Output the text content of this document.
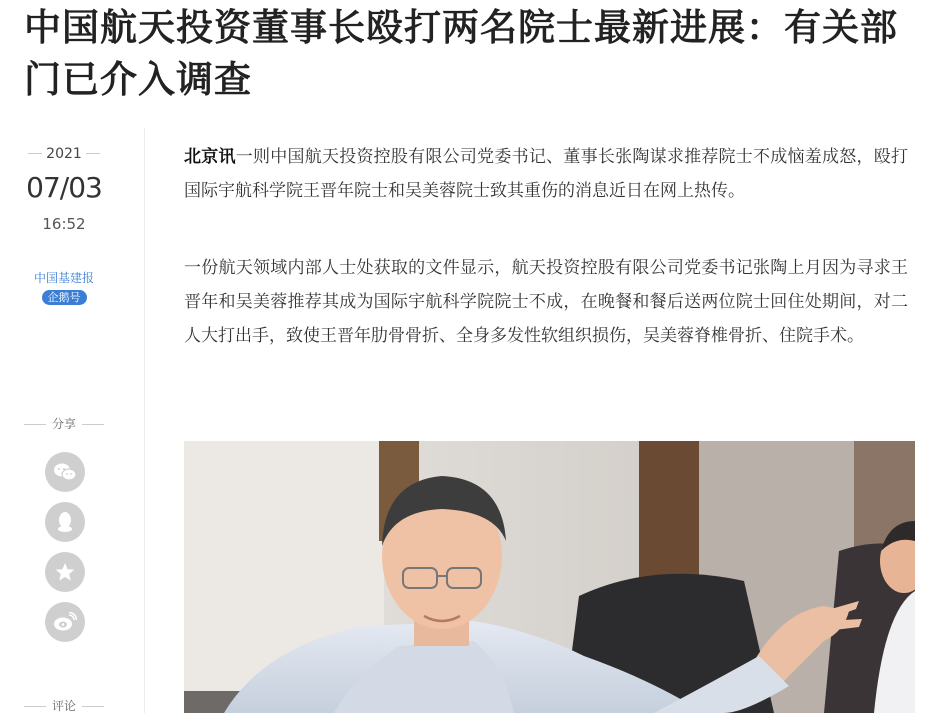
中国航天投资董事长殴打两名院士最新进展：有关部门已介入调查
2021
07/03
16:52
中国基建报
企鹅号
分享
评论

北京讯一则中国航天投资控股有限公司党委书记、董事长张陶谋求推荐院士不成恼羞成怒，殴打国际宇航科学院王晋年院士和吴美蓉院士致其重伤的消息近日在网上热传。

一份航天领域内部人士处获取的文件显示，航天投资控股有限公司党委书记张陶上月因为寻求王晋年和吴美蓉推荐其成为国际宇航科学院院士不成，在晚餐和餐后送两位院士回住处期间，对二人大打出手，致使王晋年肋骨骨折、全身多发性软组织损伤，吴美蓉脊椎骨折、住院手术。
